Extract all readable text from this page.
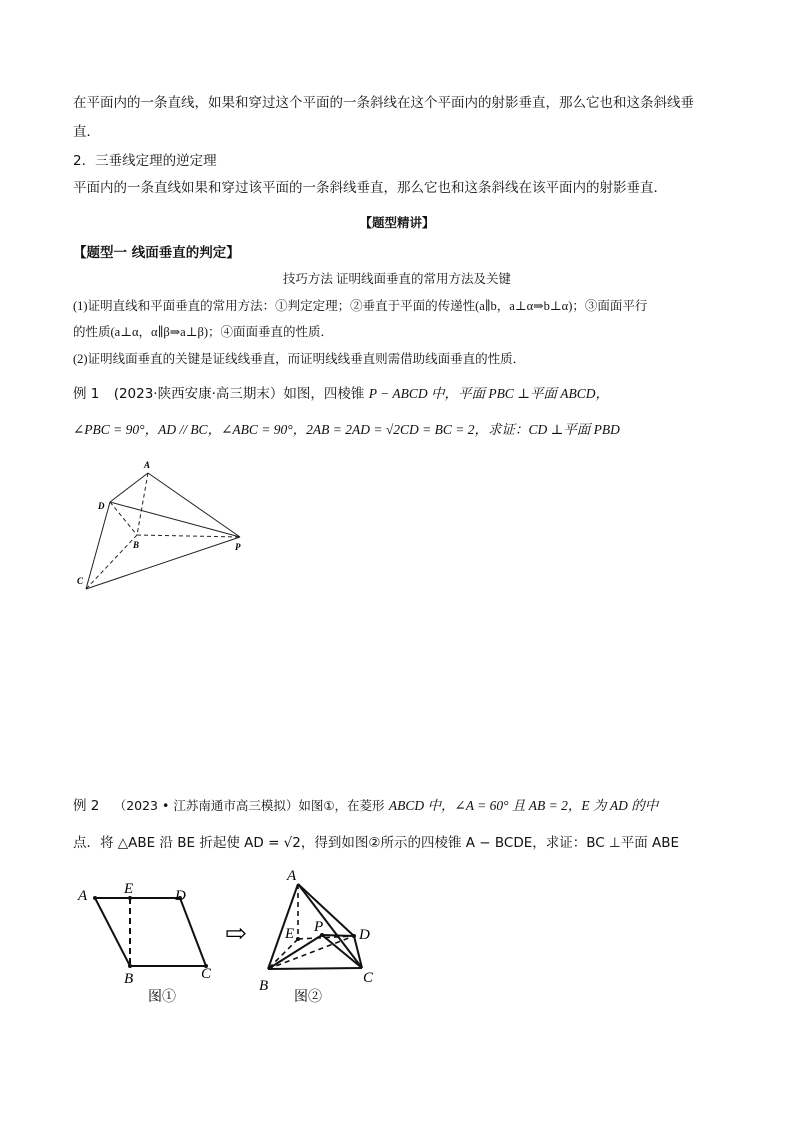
在平面内的一条直线，如果和穿过这个平面的一条斜线在这个平面内的射影垂直，那么它也和这条斜线垂
直．
2．三垂线定理的逆定理
平面内的一条直线如果和穿过该平面的一条斜线垂直，那么它也和这条斜线在该平面内的射影垂直．
【题型精讲】
【题型一 线面垂直的判定】
技巧方法 证明线面垂直的常用方法及关键
(1)证明直线和平面垂直的常用方法：①判定定理；②垂直于平面的传递性(a∥b，a⊥α⇒b⊥α)；③面面平行
的性质(a⊥α，α∥β⇒a⊥β)；④面面垂直的性质．
(2)证明线面垂直的关键是证线线垂直，而证明线线垂直则需借助线面垂直的性质．
例 1 (2023·陕西安康·高三期末）如图，四棱锥 P − ABCD 中，平面 PBC ⊥平面 ABCD，
∠PBC = 90°，AD // BC，∠ABC = 90°，2AB = 2AD = √2CD = BC = 2，求证：CD ⊥平面 PBD
A
D
B	P
C
例 2 （2023 • 江苏南通市高三模拟）如图①，在菱形 ABCD 中，∠A = 60° 且 AB = 2，E 为 AD 的中
点．将 △ABE 沿 BE 折起使 AD = √2，得到如图②所示的四棱锥 A − BCDE，求证：BC ⊥平面 ABE
A E	D
B	C
图①
⇨
A
E P D
B	C
图②
